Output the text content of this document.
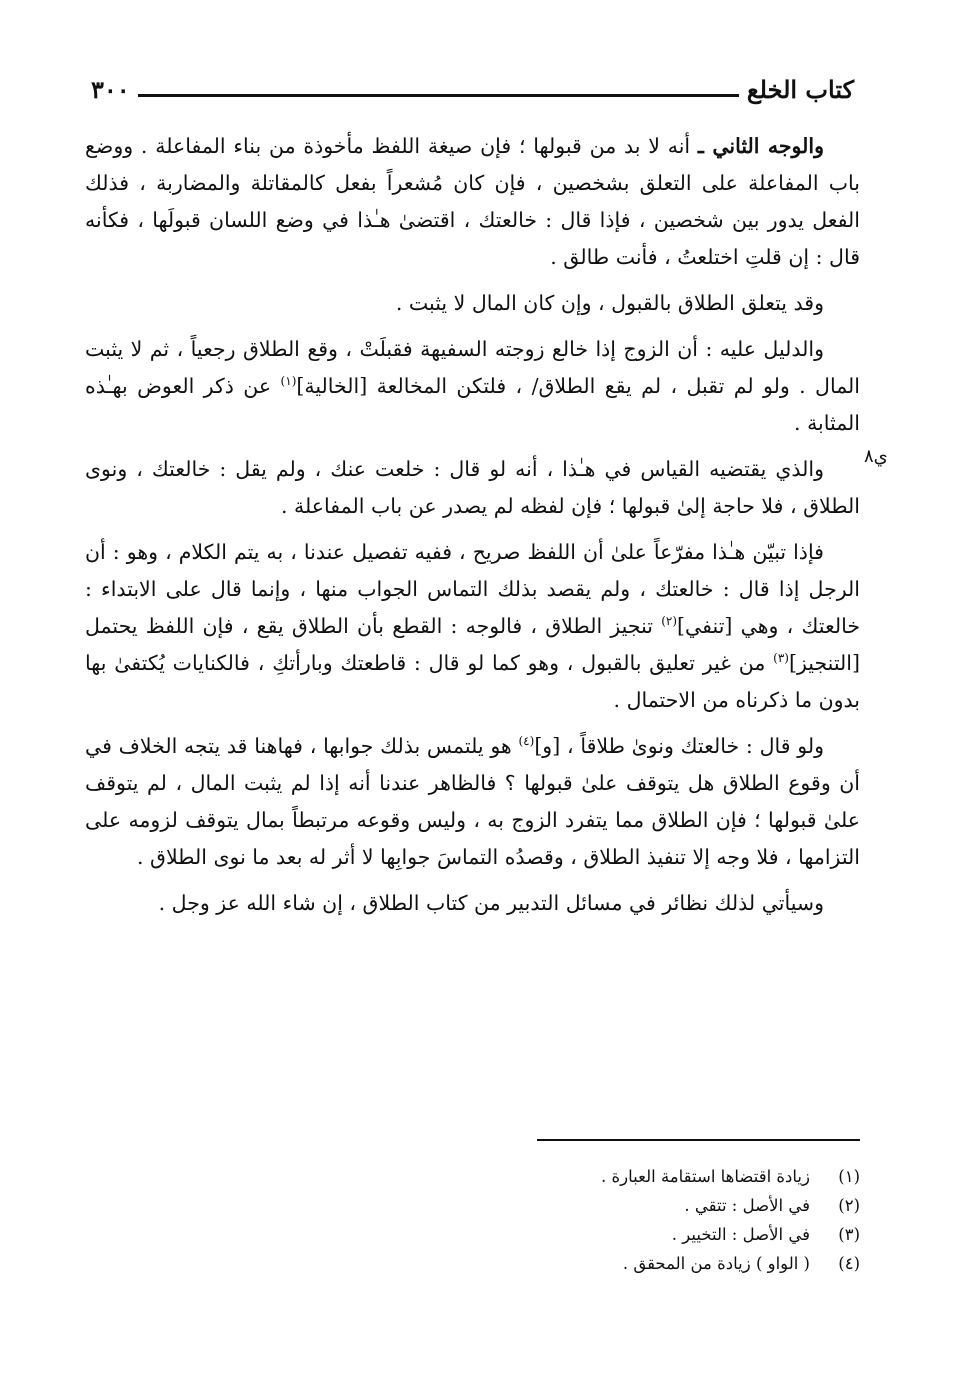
كتاب الخلع
٣٠٠
ي٨

والوجه الثاني ـ أنه لا بد من قبولها ؛ فإن صيغة اللفظ مأخوذة من بناء المفاعلة . ووضع باب المفاعلة على التعلق بشخصين ، فإن كان مُشعراً بفعل كالمقاتلة والمضاربة ، فذلك الفعل يدور بين شخصين ، فإذا قال : خالعتك ، اقتضىٰ هـٰذا في وضع اللسان قبولَها ، فكأنه قال : إن قلتِ اختلعتُ ، فأنت طالق .

وقد يتعلق الطلاق بالقبول ، وإن كان المال لا يثبت .

والدليل عليه : أن الزوج إذا خالع زوجته السفيهة فقبلَتْ ، وقع الطلاق رجعياً ، ثم لا يثبت المال . ولو لم تقبل ، لم يقع الطلاق/ ، فلتكن المخالعة [الخالية]$^{(١)}$ عن ذكر العوض بهـٰذه المثابة .

والذي يقتضيه القياس في هـٰذا ، أنه لو قال : خلعت عنك ، ولم يقل : خالعتك ، ونوى الطلاق ، فلا حاجة إلىٰ قبولها ؛ فإن لفظه لم يصدر عن باب المفاعلة .

فإذا تبيّن هـٰذا مفرّعاً علىٰ أن اللفظ صريح ، ففيه تفصيل عندنا ، به يتم الكلام ، وهو : أن الرجل إذا قال : خالعتك ، ولم يقصد بذلك التماس الجواب منها ، وإنما قال على الابتداء : خالعتك ، وهي [تنفي]$^{(٢)}$ تنجيز الطلاق ، فالوجه : القطع بأن الطلاق يقع ، فإن اللفظ يحتمل [التنجيز]$^{(٣)}$ من غير تعليق بالقبول ، وهو كما لو قال : قاطعتك وبارأتكِ ، فالكنايات يُكتفىٰ بها بدون ما ذكرناه من الاحتمال .

ولو قال : خالعتك ونوىٰ طلاقاً ، [و]$^{(٤)}$ هو يلتمس بذلك جوابها ، فهاهنا قد يتجه الخلاف في أن وقوع الطلاق هل يتوقف علىٰ قبولها ؟ فالظاهر عندنا أنه إذا لم يثبت المال ، لم يتوقف علىٰ قبولها ؛ فإن الطلاق مما يتفرد الزوج به ، وليس وقوعه مرتبطاً بمال يتوقف لزومه على التزامها ، فلا وجه إلا تنفيذ الطلاق ، وقصدُه التماسَ جوابِها لا أثر له بعد ما نوى الطلاق .

وسيأتي لذلك نظائر في مسائل التدبير من كتاب الطلاق ، إن شاء الله عز وجل .

(١)
زيادة اقتضاها استقامة العبارة .
(٢)
في الأصل : تتقي .
(٣)
في الأصل : التخيير .
(٤)
( الواو ) زيادة من المحقق .
